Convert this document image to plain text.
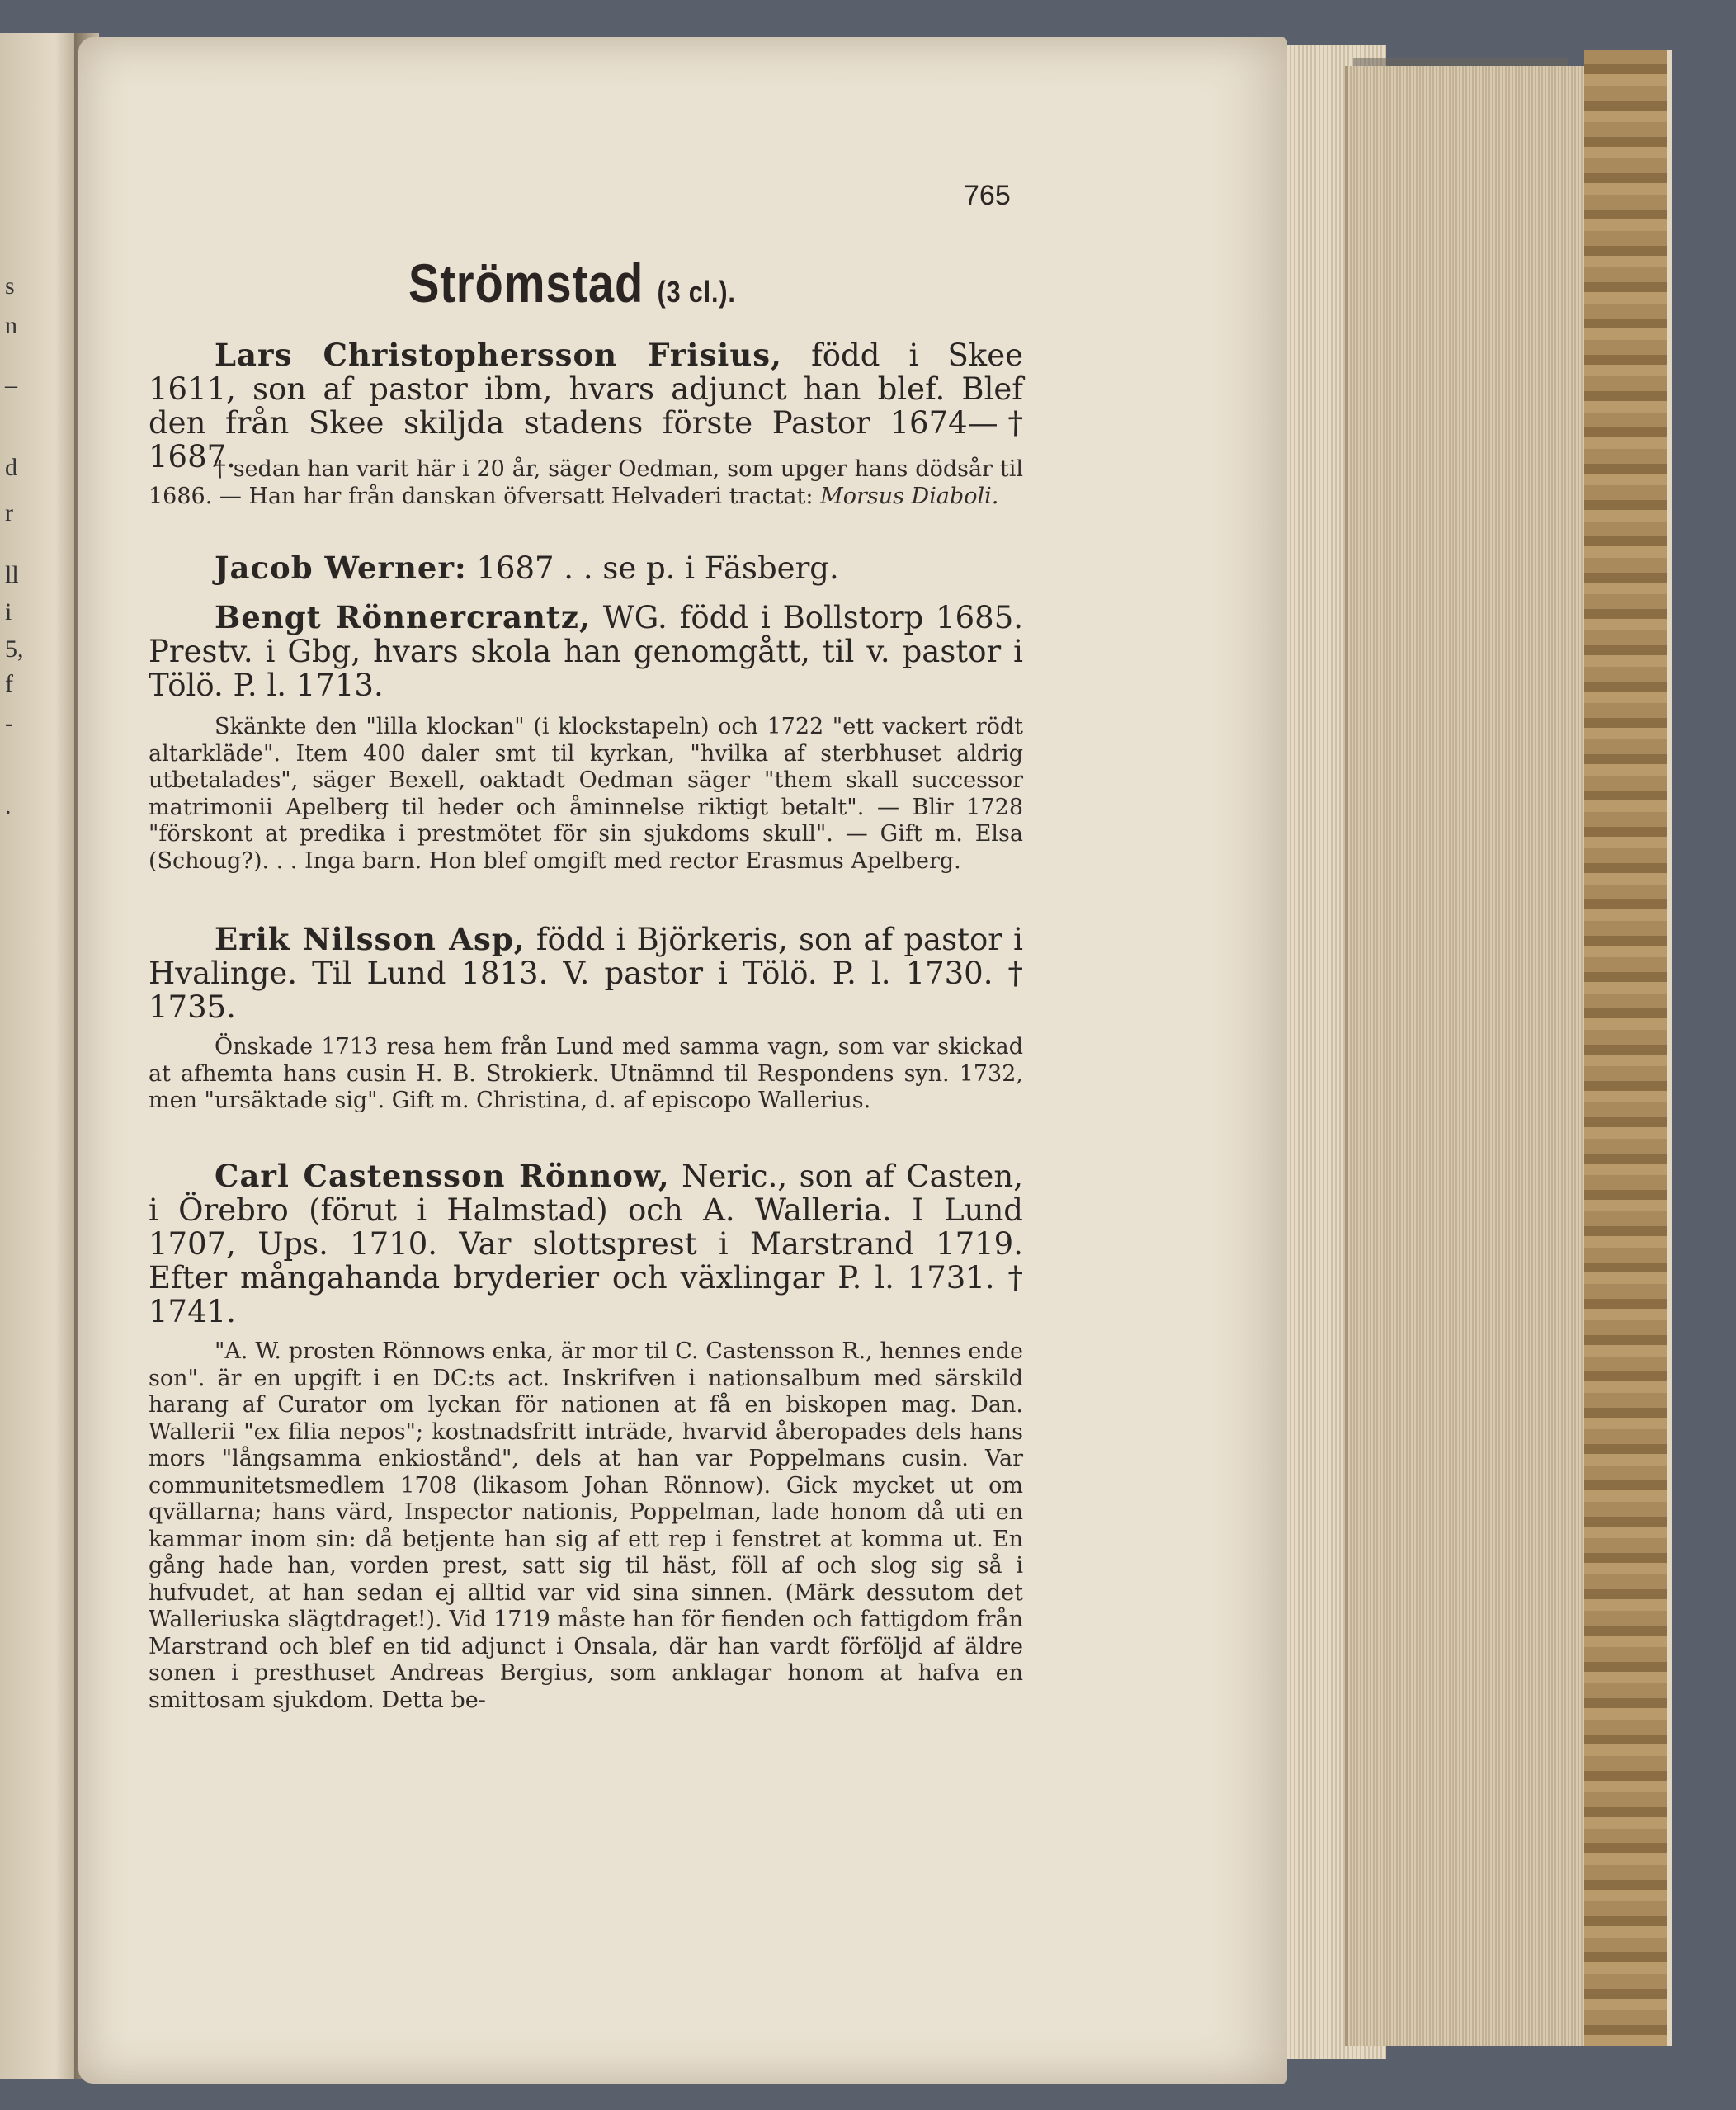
s
n
–
d
r
ll
i
5,
f
-
.
765
Strömstad (3 cl.).
Lars Christophersson Frisius, född i Skee 1611, son af pastor ibm, hvars adjunct han blef. Blef den från Skee skiljda stadens förste Pastor 1674—† 1687.
† sedan han varit här i 20 år, säger Oedman, som upger hans dödsår til 1686. — Han har från danskan öfversatt Helvaderi tractat: Morsus Diaboli.
Jacob Werner: 1687 . . se p. i Fäsberg.
Bengt Rönnercrantz, WG. född i Bollstorp 1685. Prestv. i Gbg, hvars skola han genomgått, til v. pastor i Tölö. P. l. 1713.
Skänkte den "lilla klockan" (i klockstapeln) och 1722 "ett vackert rödt altarkläde". Item 400 daler smt til kyrkan, "hvilka af sterbhuset aldrig utbetalades", säger Bexell, oaktadt Oedman säger "them skall successor matrimonii Apelberg til heder och åminnelse riktigt betalt". — Blir 1728 "förskont at predika i prestmötet för sin sjukdoms skull". — Gift m. Elsa (Schoug?). . . Inga barn. Hon blef omgift med rector Erasmus Apelberg.
Erik Nilsson Asp, född i Björkeris, son af pastor i Hvalinge. Til Lund 1813. V. pastor i Tölö. P. l. 1730. † 1735.
Önskade 1713 resa hem från Lund med samma vagn, som var skickad at afhemta hans cusin H. B. Strokierk. Utnämnd til Respondens syn. 1732, men "ursäktade sig". Gift m. Christina, d. af episcopo Wallerius.
Carl Castensson Rönnow, Neric., son af Casten, i Örebro (förut i Halmstad) och A. Walleria. I Lund 1707, Ups. 1710. Var slottsprest i Marstrand 1719. Efter mångahanda bryderier och växlingar P. l. 1731. † 1741.
"A. W. prosten Rönnows enka, är mor til C. Castensson R., hennes ende son". är en upgift i en DC:ts act. Inskrifven i nationsalbum med särskild harang af Curator om lyckan för nationen at få en biskopen mag. Dan. Wallerii "ex filia nepos"; kostnadsfritt inträde, hvarvid åberopades dels hans mors "långsamma enkiostånd", dels at han var Poppelmans cusin. Var communitetsmedlem 1708 (likasom Johan Rönnow). Gick mycket ut om qvällarna; hans värd, Inspector nationis, Poppelman, lade honom då uti en kammar inom sin: då betjente han sig af ett rep i fenstret at komma ut. En gång hade han, vorden prest, satt sig til häst, föll af och slog sig så i hufvudet, at han sedan ej alltid var vid sina sinnen. (Märk dessutom det Walleriuska slägtdraget!). Vid 1719 måste han för fienden och fattigdom från Marstrand och blef en tid adjunct i Onsala, där han vardt förföljd af äldre sonen i presthuset Andreas Bergius, som anklagar honom at hafva en smittosam sjukdom. Detta be-
